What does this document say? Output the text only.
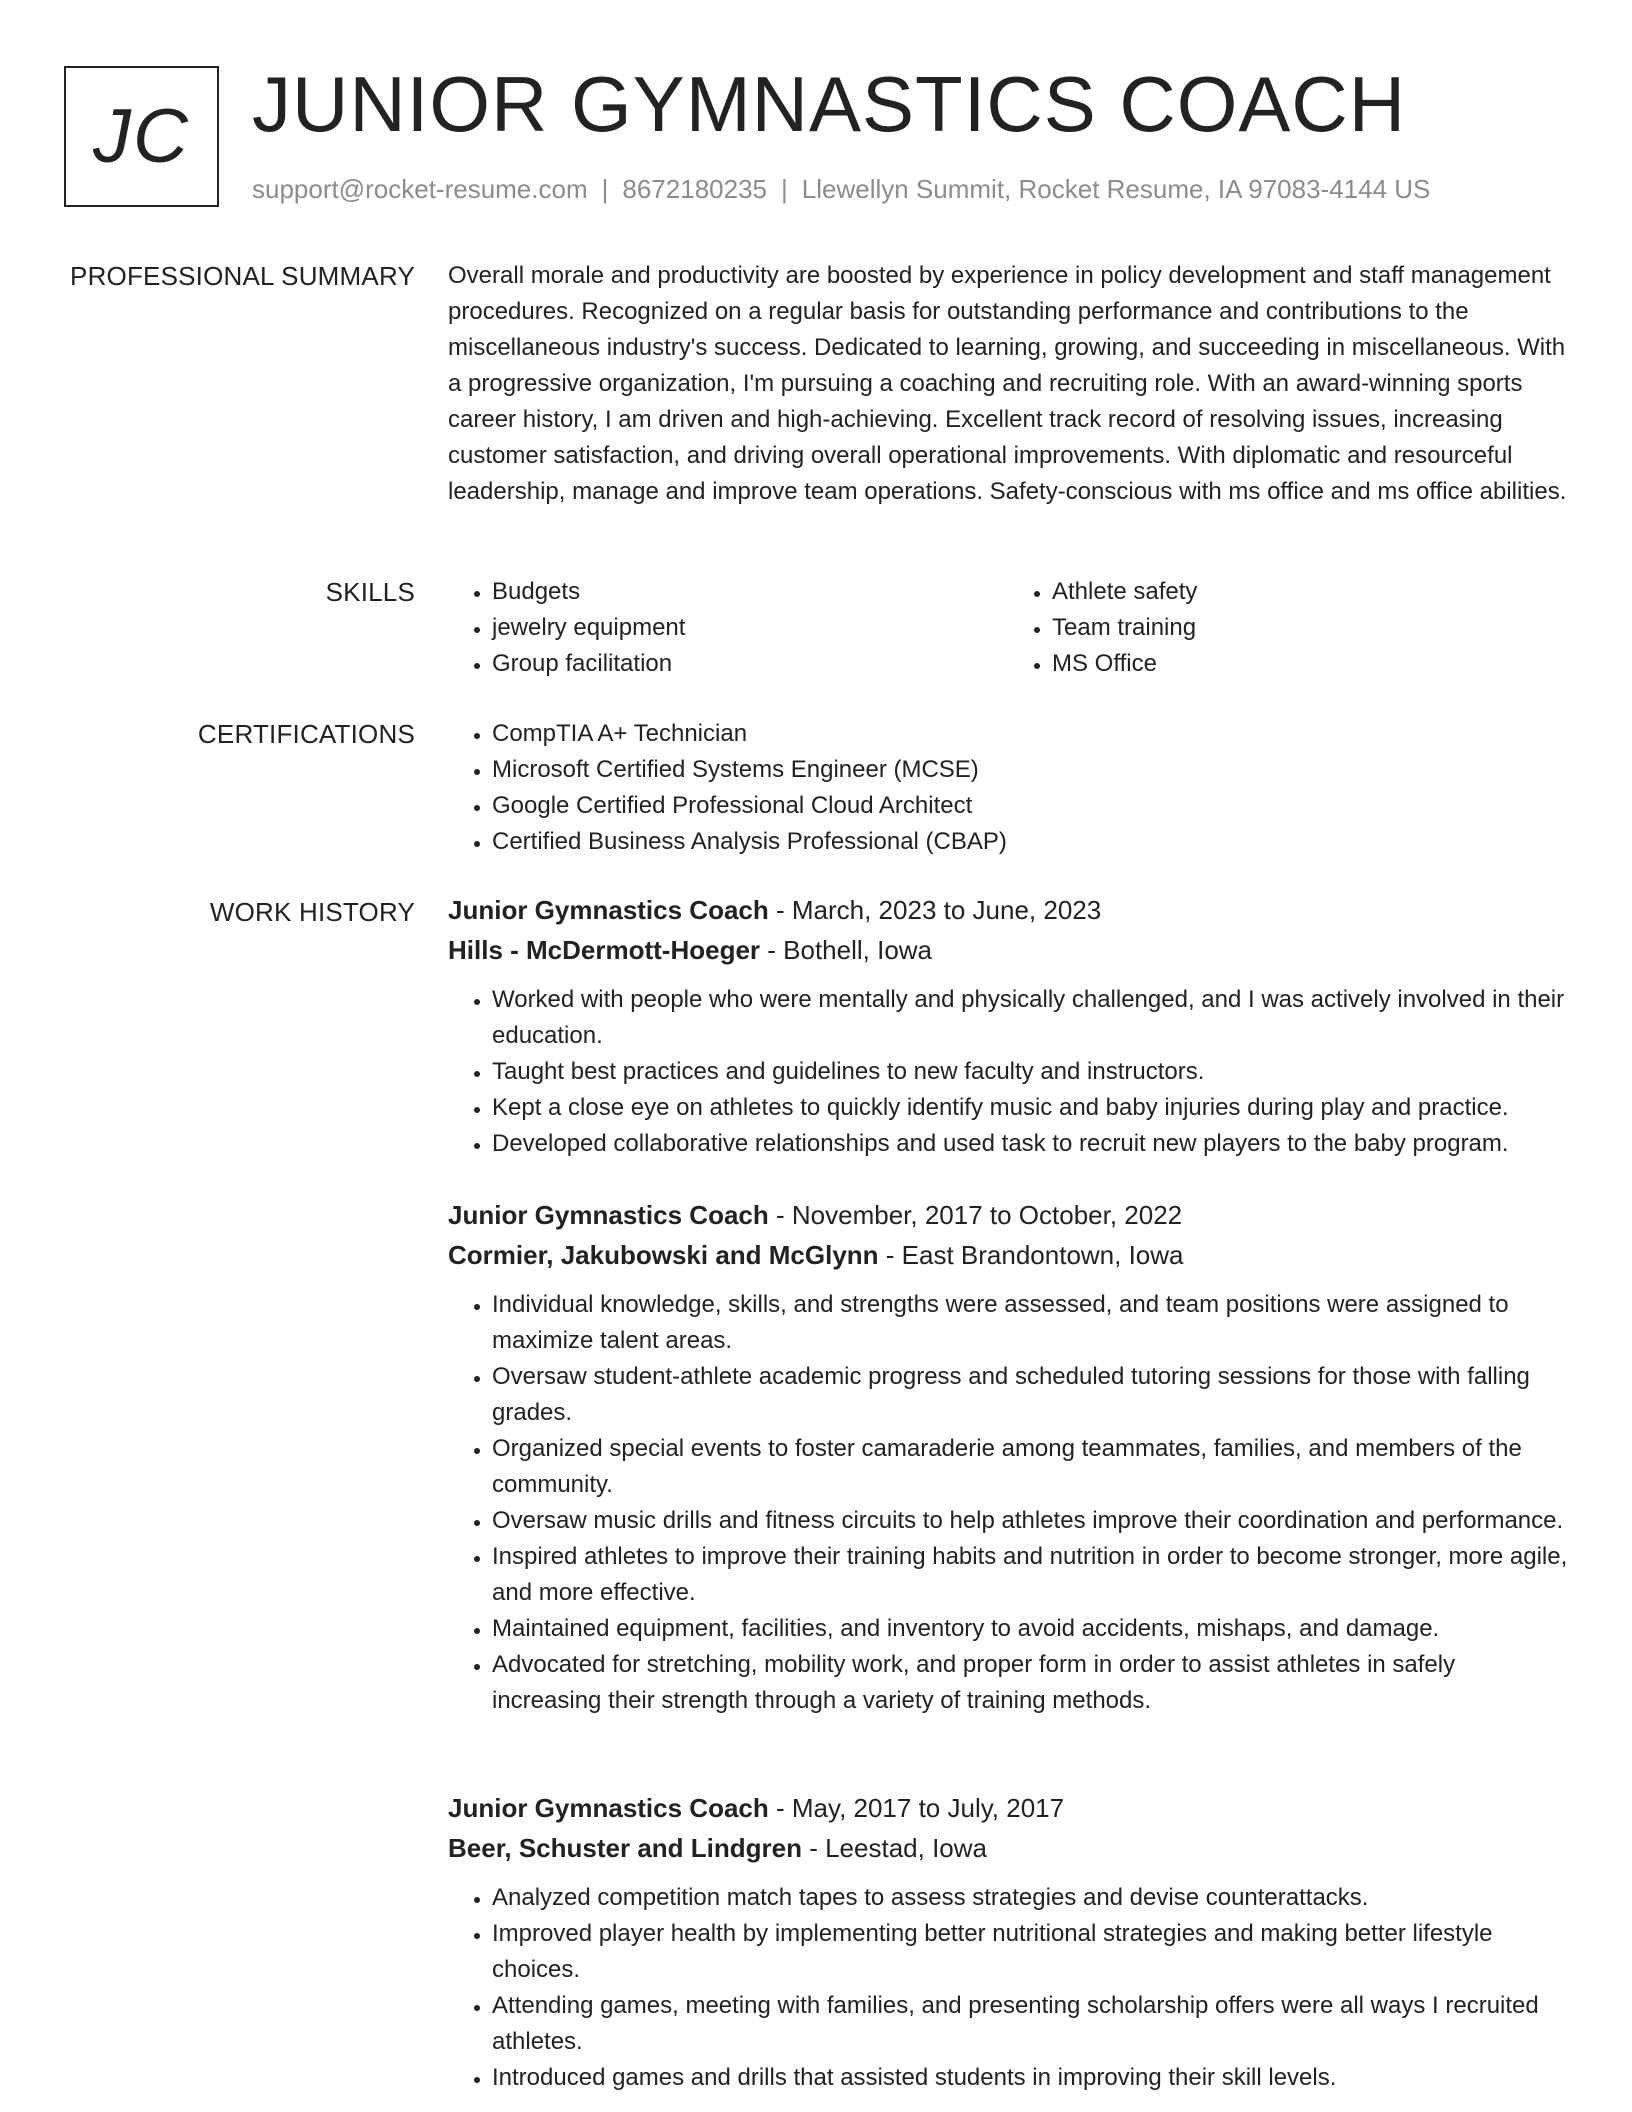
JC JUNIOR GYMNASTICS COACH
support@rocket-resume.com | 8672180235 | Llewellyn Summit, Rocket Resume, IA 97083-4144 US
PROFESSIONAL SUMMARY Overall morale and productivity are boosted by experience in policy development and staff management procedures. Recognized on a regular basis for outstanding performance and contributions to the miscellaneous industry's success. Dedicated to learning, growing, and succeeding in miscellaneous. With a progressive organization, I'm pursuing a coaching and recruiting role. With an award-winning sports career history, I am driven and high-achieving. Excellent track record of resolving issues, increasing customer satisfaction, and driving overall operational improvements. With diplomatic and resourceful leadership, manage and improve team operations. Safety-conscious with ms office and ms office abilities.

SKILLS	• Budgets
• jewelry equipment
• Group facilitation
• Athlete safety
• Team training
• MS Office
CERTIFICATIONS	• CompTIA A+ Technician
• Microsoft Certified Systems Engineer (MCSE)
• Google Certified Professional Cloud Architect
• Certified Business Analysis Professional (CBAP)
WORK HISTORY Junior Gymnastics Coach - March, 2023 to June, 2023
Hills - McDermott-Hoeger - Bothell, Iowa
• Worked with people who were mentally and physically challenged, and I was actively involved in their education.
• Taught best practices and guidelines to new faculty and instructors.
• Kept a close eye on athletes to quickly identify music and baby injuries during play and practice.
• Developed collaborative relationships and used task to recruit new players to the baby program.
Junior Gymnastics Coach - November, 2017 to October, 2022
Cormier, Jakubowski and McGlynn - East Brandontown, Iowa
• Individual knowledge, skills, and strengths were assessed, and team positions were assigned to maximize talent areas.
• Oversaw student-athlete academic progress and scheduled tutoring sessions for those with falling grades.
• Organized special events to foster camaraderie among teammates, families, and members of the community.
• Oversaw music drills and fitness circuits to help athletes improve their coordination and performance.
• Inspired athletes to improve their training habits and nutrition in order to become stronger, more agile, and more effective.
• Maintained equipment, facilities, and inventory to avoid accidents, mishaps, and damage.
• Advocated for stretching, mobility work, and proper form in order to assist athletes in safely increasing their strength through a variety of training methods.
Junior Gymnastics Coach - May, 2017 to July, 2017
Beer, Schuster and Lindgren - Leestad, Iowa
• Analyzed competition match tapes to assess strategies and devise counterattacks.
• Improved player health by implementing better nutritional strategies and making better lifestyle choices.
• Attending games, meeting with families, and presenting scholarship offers were all ways I recruited athletes.
• Introduced games and drills that assisted students in improving their skill levels.
